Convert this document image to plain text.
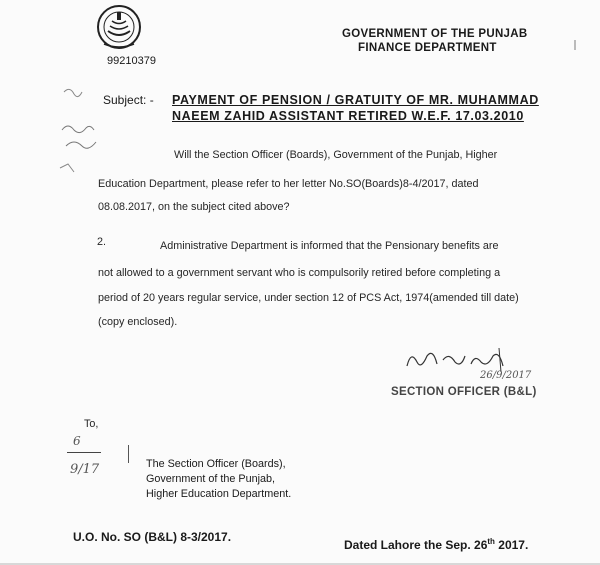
GOVERNMENT OF THE PUNJAB
FINANCE DEPARTMENT
99210379
Subject: - PAYMENT OF PENSION / GRATUITY OF MR. MUHAMMAD
NAEEM ZAHID ASSISTANT RETIRED W.E.F. 17.03.2010
Will the Section Officer (Boards), Government of the Punjab, Higher
Education Department, please refer to her letter No.SO(Boards)8-4/2017, dated
08.08.2017, on the subject cited above?
2.	Administrative Department is informed that the Pensionary benefits are
not allowed to a government servant who is compulsorily retired before completing a
period of 20 years regular service, under section 12 of PCS Act, 1974(amended till date)
(copy enclosed).
26/9/2017
SECTION OFFICER (B&L)
To,
6
9/17	The Section Officer (Boards),
Government of the Punjab,
Higher Education Department.
U.O. No. SO (B&L) 8-3/2017.
Dated Lahore the Sep. 26th 2017.
